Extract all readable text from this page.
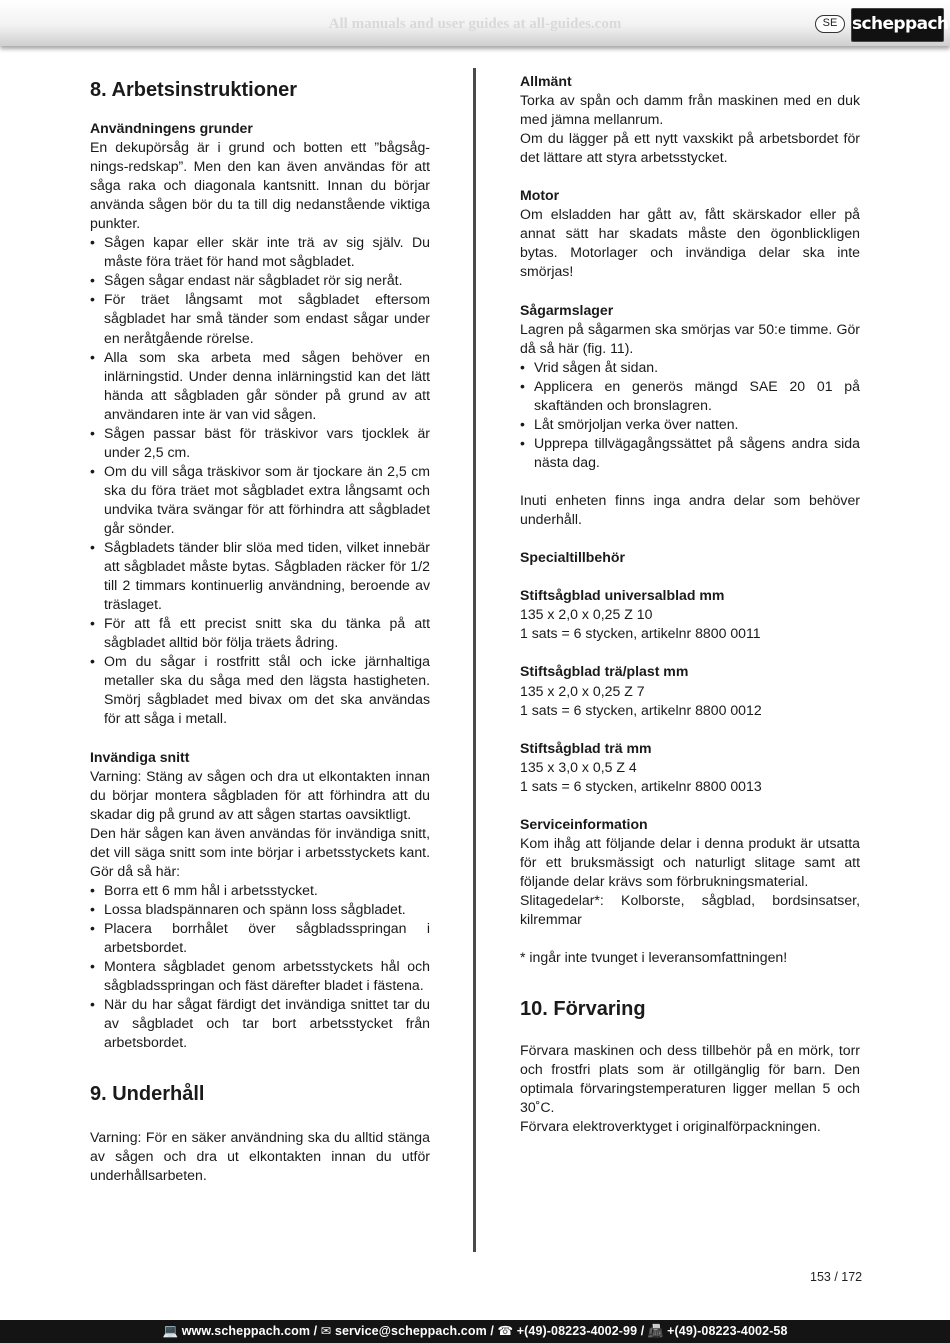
All manuals and user guides at all-guides.com	SE scheppach
8. Arbetsinstruktioner
Användningens grunder

En dekupörsåg är i grund och botten ett ”bågsåg-nings-redskap”. Men den kan även användas för att såga raka och diagonala kantsnitt. Innan du börjar använda sågen bör du ta till dig nedanstående viktiga punkter.

• Sågen kapar eller skär inte trä av sig själv. Du måste föra träet för hand mot sågbladet.
• Sågen sågar endast när sågbladet rör sig neråt.
• För träet långsamt mot sågbladet eftersom sågbladet har små tänder som endast sågar under en neråtgående rörelse.
• Alla som ska arbeta med sågen behöver en inlärningstid. Under denna inlärningstid kan det lätt hända att sågbladen går sönder på grund av att användaren inte är van vid sågen.
• Sågen passar bäst för träskivor vars tjocklek är under 2,5 cm.
• Om du vill såga träskivor som är tjockare än 2,5 cm ska du föra träet mot sågbladet extra långsamt och undvika tvära svängar för att förhindra att sågbladet går sönder.
• Sågbladets tänder blir slöa med tiden, vilket innebär att sågbladet måste bytas. Sågbladen räcker för 1/2 till 2 timmars kontinuerlig användning, beroende av träslaget.
• För att få ett precist snitt ska du tänka på att sågbladet alltid bör följa träets ådring.
• Om du sågar i rostfritt stål och icke järnhaltiga metaller ska du såga med den lägsta hastigheten. Smörj sågbladet med bivax om det ska användas för att såga i metall.
Invändiga snitt

Varning: Stäng av sågen och dra ut elkontakten innan du börjar montera sågbladen för att förhindra att du skadar dig på grund av att sågen startas oavsiktligt.

Den här sågen kan även användas för invändiga snitt, det vill säga snitt som inte börjar i arbetsstyckets kant. Gör då så här:

• Borra ett 6 mm hål i arbetsstycket.
• Lossa bladspännaren och spänn loss sågbladet.
• Placera borrhålet över sågbladsspringan i arbetsbordet.
• Montera sågbladet genom arbetsstyckets hål och sågbladsspringan och fäst därefter bladet i fästena.
• När du har sågat färdigt det invändiga snittet tar du av sågbladet och tar bort arbetsstycket från arbetsbordet.
9. Underhåll

Varning: För en säker användning ska du alltid stänga av sågen och dra ut elkontakten innan du utför underhållsarbeten.

Allmänt

Torka av spån och damm från maskinen med en duk med jämna mellanrum.

Om du lägger på ett nytt vaxskikt på arbetsbordet för det lättare att styra arbetsstycket.

Motor

Om elsladden har gått av, fått skärskador eller på annat sätt har skadats måste den ögonblickligen bytas. Motorlager och invändiga delar ska inte smörjas!

Sågarmslager

Lagren på sågarmen ska smörjas var 50:e timme. Gör då så här (fig. 11).

• Vrid sågen åt sidan.
• Applicera en generös mängd SAE 20 01 på skaftänden och bronslagren.
• Låt smörjoljan verka över natten.
• Upprepa tillvägagångssättet på sågens andra sida nästa dag.

Inuti enheten finns inga andra delar som behöver underhåll.

Specialtillbehör
Stiftsågblad universalblad mm

135 x 2,0 x 0,25 Z 10

1 sats = 6 stycken, artikelnr 8800 0011

Stiftsågblad trä/plast mm

135 x 2,0 x 0,25 Z 7

1 sats = 6 stycken, artikelnr 8800 0012

Stiftsågblad trä mm

135 x 3,0 x 0,5 Z 4

1 sats = 6 stycken, artikelnr 8800 0013

Serviceinformation

Kom ihåg att följande delar i denna produkt är utsatta för ett bruksmässigt och naturligt slitage samt att följande delar krävs som förbrukningsmaterial.

Slitagedelar*: Kolborste, sågblad, bordsinsatser, kilremmar

* ingår inte tvunget i leveransomfattningen!

10. Förvaring

Förvara maskinen och dess tillbehör på en mörk, torr och frostfri plats som är otillgänglig för barn. Den optimala förvaringstemperaturen ligger mellan 5 och 30˚C.

Förvara elektroverktyget i originalförpackningen.

153 / 172
💻 www.scheppach.com / ✉ service@scheppach.com / ☎ +(49)-08223-4002-99 / 📠 +(49)-08223-4002-58
